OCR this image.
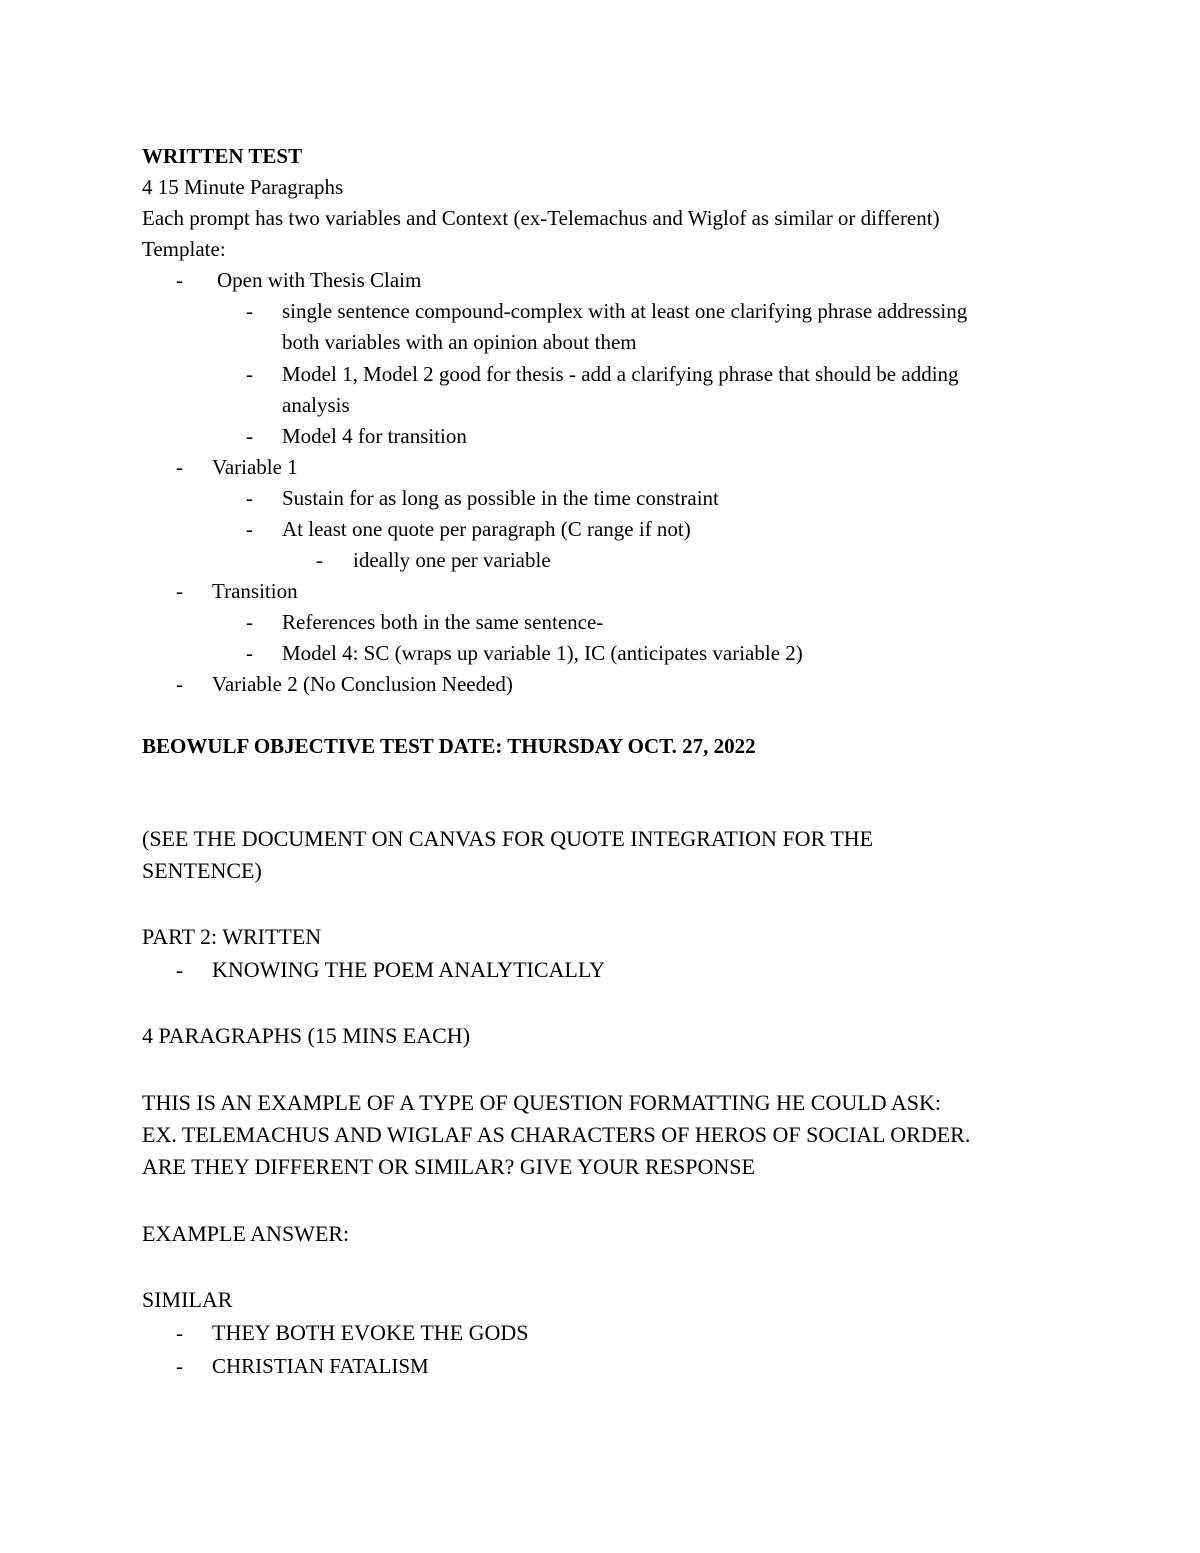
WRITTEN TEST
4 15 Minute Paragraphs
Each prompt has two variables and Context (ex-Telemachus and Wiglof as similar or different)
Template:
- Open with Thesis Claim
- single sentence compound-complex with at least one clarifying phrase addressing
both variables with an opinion about them
- Model 1, Model 2 good for thesis - add a clarifying phrase that should be adding
analysis
- Model 4 for transition
- Variable 1
- Sustain for as long as possible in the time constraint
- At least one quote per paragraph (C range if not)
- ideally one per variable
- Transition
- References both in the same sentence-
- Model 4: SC (wraps up variable 1), IC (anticipates variable 2)
- Variable 2 (No Conclusion Needed)
BEOWULF OBJECTIVE TEST DATE: THURSDAY OCT. 27, 2022
(SEE THE DOCUMENT ON CANVAS FOR QUOTE INTEGRATION FOR THE
SENTENCE)
PART 2: WRITTEN
- KNOWING THE POEM ANALYTICALLY
4 PARAGRAPHS (15 MINS EACH)
THIS IS AN EXAMPLE OF A TYPE OF QUESTION FORMATTING HE COULD ASK:
EX. TELEMACHUS AND WIGLAF AS CHARACTERS OF HEROS OF SOCIAL ORDER.
ARE THEY DIFFERENT OR SIMILAR? GIVE YOUR RESPONSE
EXAMPLE ANSWER:
SIMILAR
- THEY BOTH EVOKE THE GODS
- CHRISTIAN FATALISM
